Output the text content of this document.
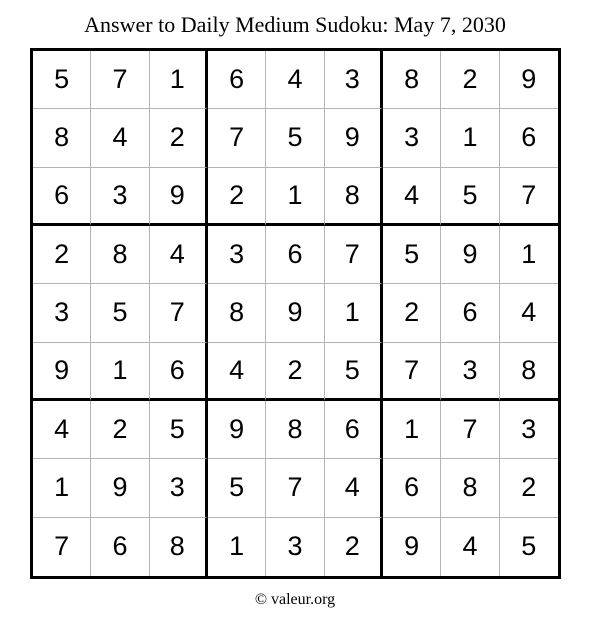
Answer to Daily Medium Sudoku: May 7, 2030
5	7	1	6	4	3	8	2	9
8	4	2	7	5	9	3	1	6
6	3	9	2	1	8	4	5	7
2	8	4	3	6	7	5	9	1
3	5	7	8	9	1	2	6	4
9	1	6	4	2	5	7	3	8
4	2	5	9	8	6	1	7	3
1	9	3	5	7	4	6	8	2
7	6	8	1	3	2	9	4	5
© valeur.org
